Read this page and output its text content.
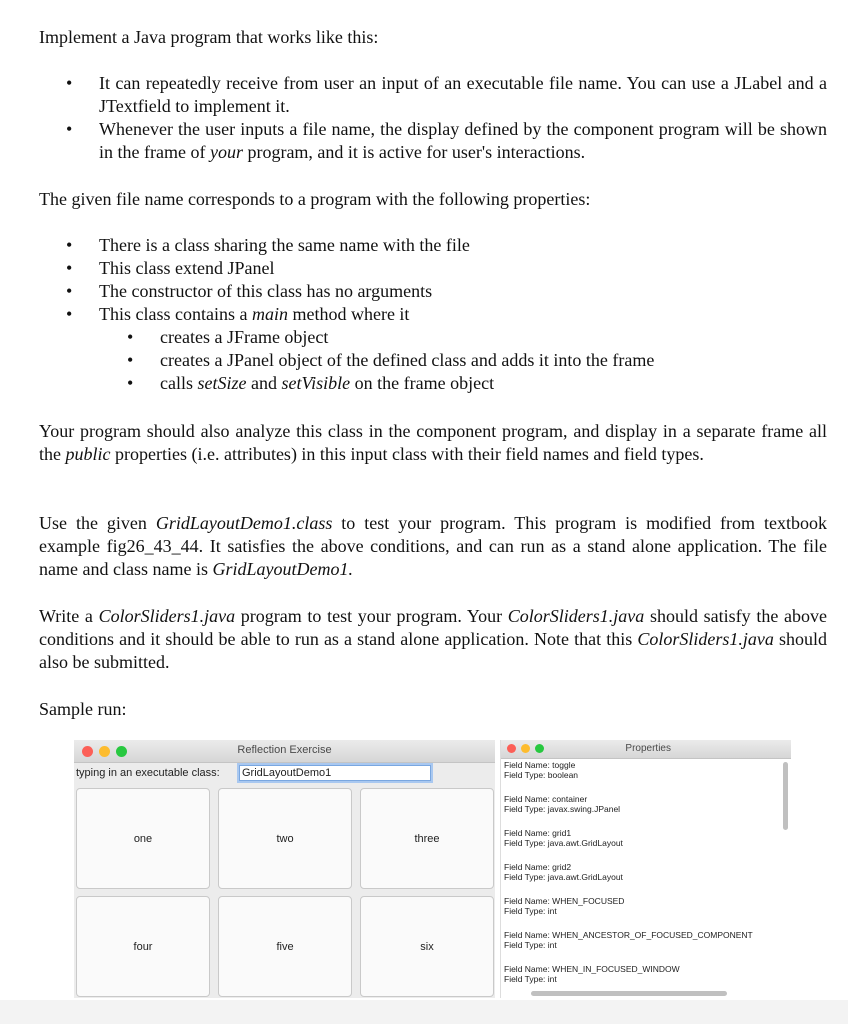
Implement a Java program that works like this:

• It can repeatedly receive from user an input of an executable file name. You can use a JLabel and a JTextfield to implement it.
• Whenever the user inputs a file name, the display defined by the component program will be shown in the frame of your program, and it is active for user's interactions.

The given file name corresponds to a program with the following properties:

• There is a class sharing the same name with the file
• This class extend JPanel
• The constructor of this class has no arguments
• This class contains a main method where it
• creates a JFrame object
• creates a JPanel object of the defined class and adds it into the frame
• calls setSize and setVisible on the frame object

Your program should also analyze this class in the component program, and display in a separate frame all the public properties (i.e. attributes) in this input class with their field names and field types.

Use the given GridLayoutDemo1.class to test your program. This program is modified from textbook example fig26_43_44. It satisfies the above conditions, and can run as a stand alone application. The file name and class name is GridLayoutDemo1.

Write a ColorSliders1.java program to test your program. Your ColorSliders1.java should satisfy the above conditions and it should be able to run as a stand alone application. Note that this ColorSliders1.java should also be submitted.

Sample run:

Reflection Exercise
typing in an executable class: GridLayoutDemo1
one	two	three
four	five	six
Properties
Field Name: toggle
Field Type: boolean
Field Name: container
Field Type: javax.swing.JPanel
Field Name: grid1
Field Type: java.awt.GridLayout
Field Name: grid2
Field Type: java.awt.GridLayout
Field Name: WHEN_FOCUSED
Field Type: int
Field Name: WHEN_ANCESTOR_OF_FOCUSED_COMPONENT
Field Type: int
Field Name: WHEN_IN_FOCUSED_WINDOW
Field Type: int
